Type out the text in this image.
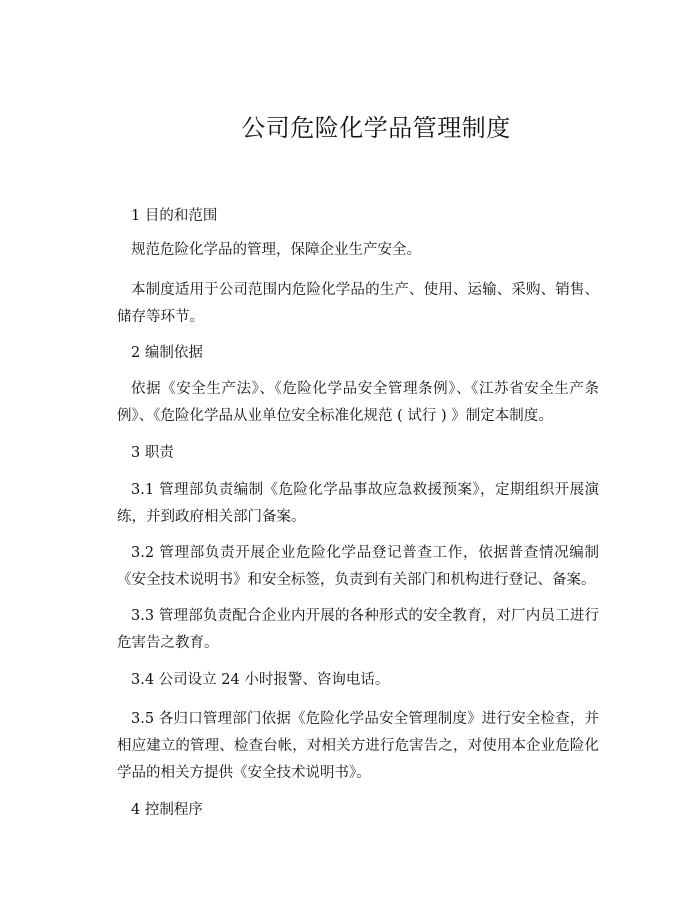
公司危险化学品管理制度

1 目的和范围

规范危险化学品的管理，保障企业生产安全。

本制度适用于公司范围内危险化学品的生产、使用、运输、采购、销售、储存等环节。

2 编制依据

依据《安全生产法》、《危险化学品安全管理条例》、《江苏省安全生产条例》、《危险化学品从业单位安全标准化规范 ( 试行 ) 》制定本制度。

3 职责

3.1 管理部负责编制《危险化学品事故应急救援预案》，定期组织开展演练，并到政府相关部门备案。

3.2 管理部负责开展企业危险化学品登记普查工作，依据普查情况编制《安全技术说明书》和安全标签，负责到有关部门和机构进行登记、备案。

3.3 管理部负责配合企业内开展的各种形式的安全教育，对厂内员工进行危害告之教育。

3.4 公司设立 24 小时报警、咨询电话。

3.5 各归口管理部门依据《危险化学品安全管理制度》进行安全检查，并相应建立的管理、检查台帐，对相关方进行危害告之，对使用本企业危险化学品的相关方提供《安全技术说明书》。

4 控制程序
